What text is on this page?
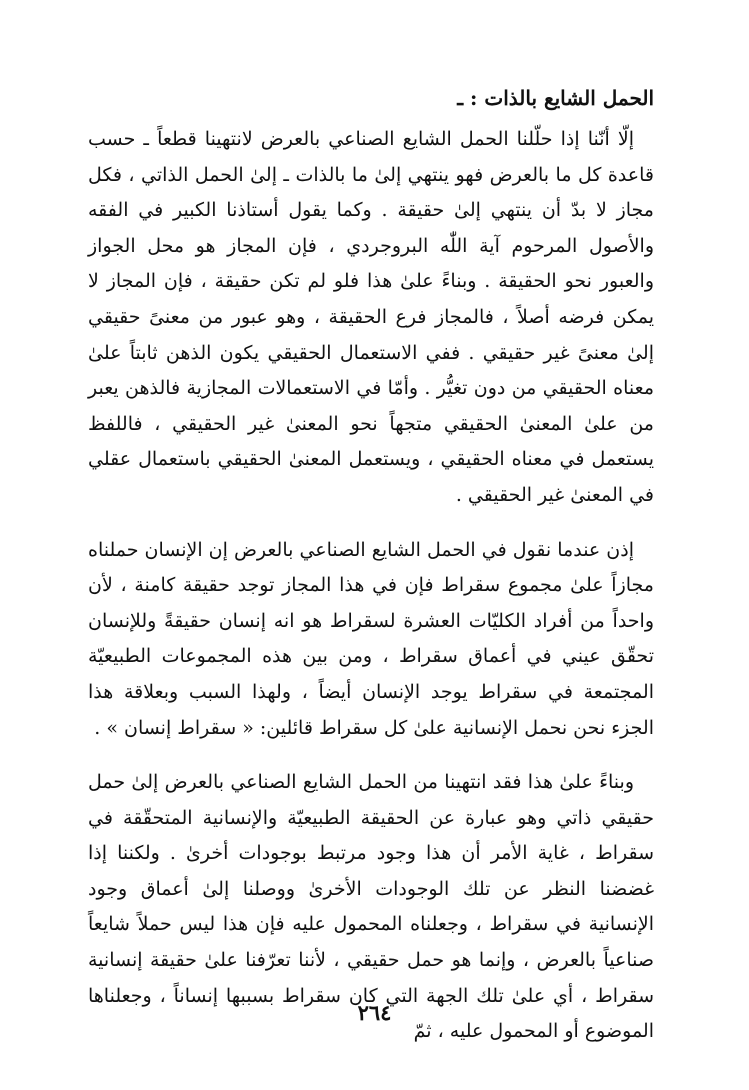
الحمل الشايع بالذات : ـ

إلّا أنّنا إذا حلّلنا الحمل الشايع الصناعي بالعرض لانتهينا قطعاً ـ حسب قاعدة كل ما بالعرض فهو ينتهي إلىٰ ما بالذات ـ إلىٰ الحمل الذاتي ، فكل مجاز لا بدّ أن ينتهي إلىٰ حقيقة . وكما يقول أستاذنا الكبير في الفقه والأصول المرحوم آية اللّٰه البروجردي ، فإن المجاز هو محل الجواز والعبور نحو الحقيقة . وبناءً علىٰ هذا فلو لم تكن حقيقة ، فإن المجاز لا يمكن فرضه أصلاً ، فالمجاز فرع الحقيقة ، وهو عبور من معنىً حقيقي إلىٰ معنىً غير حقيقي . ففي الاستعمال الحقيقي يكون الذهن ثابتاً علىٰ معناه الحقيقي من دون تغيُّر . وأمّا في الاستعمالات المجازية فالذهن يعبر من علىٰ المعنىٰ الحقيقي متجهاً نحو المعنىٰ غير الحقيقي ، فاللفظ يستعمل في معناه الحقيقي ، ويستعمل المعنىٰ الحقيقي باستعمال عقلي في المعنىٰ غير الحقيقي .

إذن عندما نقول في الحمل الشايع الصناعي بالعرض إن الإنسان حملناه مجازاً علىٰ مجموع سقراط فإن في هذا المجاز توجد حقيقة كامنة ، لأن واحداً من أفراد الكليّات العشرة لسقراط هو انه إنسان حقيقةً وللإنسان تحقّق عيني في أعماق سقراط ، ومن بين هذه المجموعات الطبيعيّة المجتمعة في سقراط يوجد الإنسان أيضاً ، ولهذا السبب وبعلاقة هذا الجزء نحن نحمل الإنسانية علىٰ كل سقراط قائلين: « سقراط إنسان » .

وبناءً علىٰ هذا فقد انتهينا من الحمل الشايع الصناعي بالعرض إلىٰ حمل حقيقي ذاتي وهو عبارة عن الحقيقة الطبيعيّة والإنسانية المتحقّقة في سقراط ، غاية الأمر أن هذا وجود مرتبط بوجودات أخرىٰ . ولكننا إذا غضضنا النظر عن تلك الوجودات الأخرىٰ ووصلنا إلىٰ أعماق وجود الإنسانية في سقراط ، وجعلناه المحمول عليه فإن هذا ليس حملاً شايعاً صناعياً بالعرض ، وإنما هو حمل حقيقي ، لأننا تعرّفنا علىٰ حقيقة إنسانية سقراط ، أي علىٰ تلك الجهة التي كان سقراط بسببها إنساناً ، وجعلناها الموضوع أو المحمول عليه ، ثمّ

٢٦٤
